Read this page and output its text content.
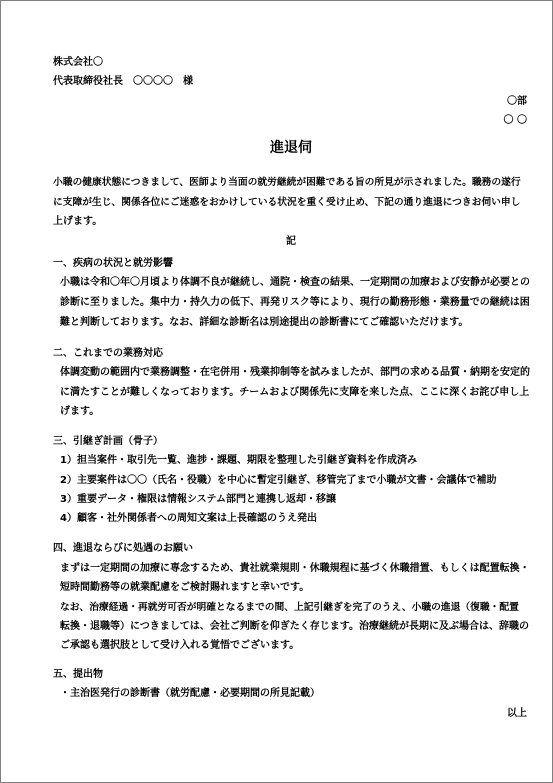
株式会社〇
代表取締役社長　〇〇〇〇　様
〇部
〇 〇
進退伺
小職の健康状態につきまして、医師より当面の就労継続が困難である旨の所見が示されました。職務の遂行
に支障が生じ、関係各位にご迷惑をおかけしている状況を重く受け止め、下記の通り進退につきお伺い申し
上げます。
記
一、疾病の状況と就労影響
小職は令和〇年〇月頃より体調不良が継続し、通院・検査の結果、一定期間の加療および安静が必要との
診断に至りました。集中力・持久力の低下、再発リスク等により、現行の勤務形態・業務量での継続は困
難と判断しております。なお、詳細な診断名は別途提出の診断書にてご確認いただけます。
二、これまでの業務対応
体調変動の範囲内で業務調整・在宅併用・残業抑制等を試みましたが、部門の求める品質・納期を安定的
に満たすことが難しくなっております。チームおよび関係先に支障を来した点、ここに深くお詫び申し上
げます。
三、引継ぎ計画（骨子）
1）担当案件・取引先一覧、進捗・課題、期限を整理した引継ぎ資料を作成済み
2）主要案件は〇〇（氏名・役職）を中心に暫定引継ぎ、移管完了まで小職が文書・会議体で補助
3）重要データ・権限は情報システム部門と連携し返却・移譲
4）顧客・社外関係者への周知文案は上長確認のうえ発出
四、進退ならびに処遇のお願い
まずは一定期間の加療に専念するため、貴社就業規則・休職規程に基づく休職措置、もしくは配置転換・
短時間勤務等の就業配慮をご検討賜れますと幸いです。
なお、治療経過・再就労可否が明確となるまでの間、上記引継ぎを完了のうえ、小職の進退（復職・配置
転換・退職等）につきましては、会社ご判断を仰ぎたく存じます。治療継続が長期に及ぶ場合は、辞職の
ご承認も選択肢として受け入れる覚悟でございます。
五、提出物
・主治医発行の診断書（就労配慮・必要期間の所見記載）
以上
